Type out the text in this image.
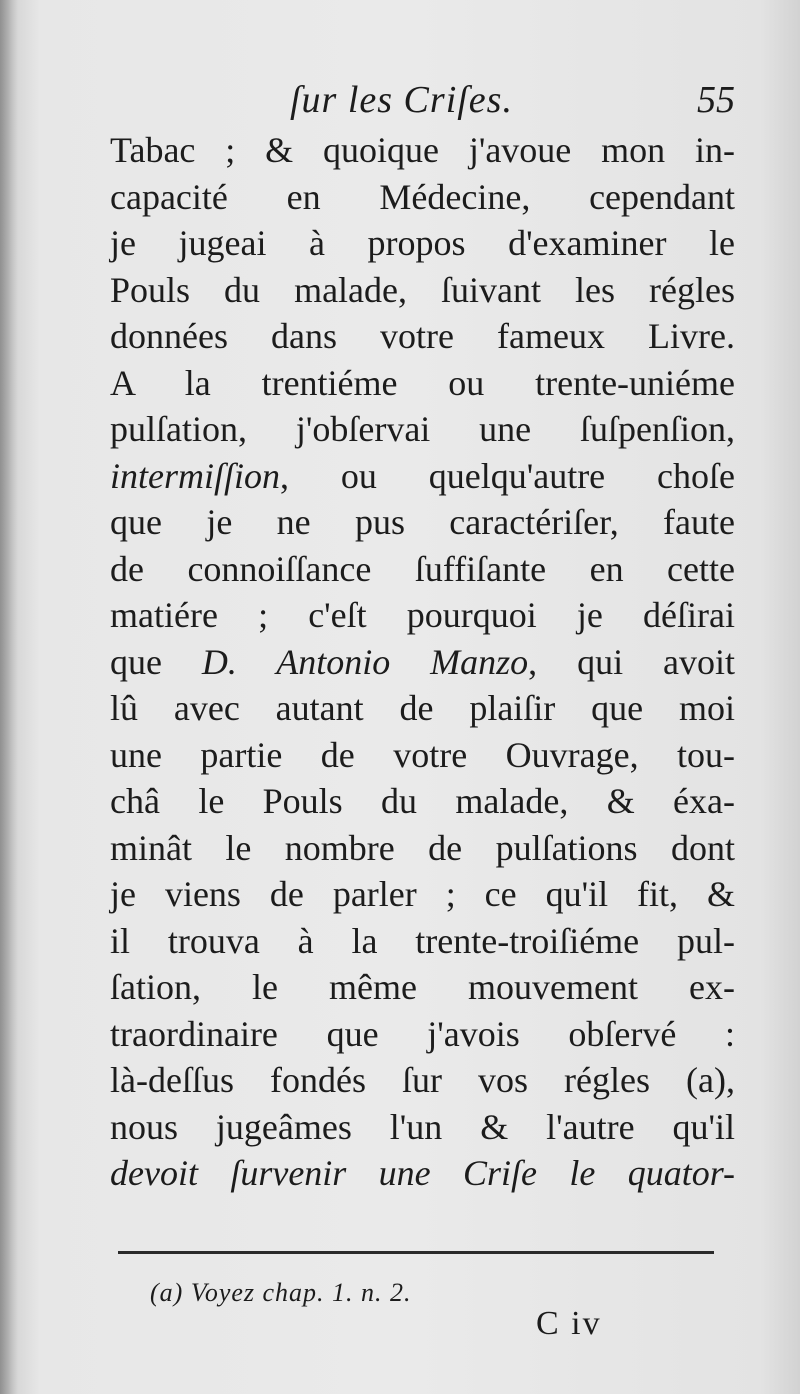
ſur les Criſes.	55
Tabac ; & quoique j'avoue mon in-
capacité en Médecine, cependant
je jugeai à propos d'examiner le
Pouls du malade, ſuivant les régles
données dans votre fameux Livre.
A la trentiéme ou trente-uniéme
pulſation, j'obſervai une ſuſpenſion,
intermiſſion, ou quelqu'autre choſe
que je ne pus caractériſer, faute
de connoiſſance ſuffiſante en cette
matiére ; c'eſt pourquoi je déſirai
que D. Antonio Manzo, qui avoit
lû avec autant de plaiſir que moi
une partie de votre Ouvrage, tou-
châ le Pouls du malade, & éxa-
minât le nombre de pulſations dont
je viens de parler ; ce qu'il fit, &
il trouva à la trente-troiſiéme pul-
ſation, le même mouvement ex-
traordinaire que j'avois obſervé :
là-deſſus fondés ſur vos régles (a),
nous jugeâmes l'un & l'autre qu'il
devoit ſurvenir une Criſe le quator-
(a) Voyez chap. 1. n. 2.
C iv
